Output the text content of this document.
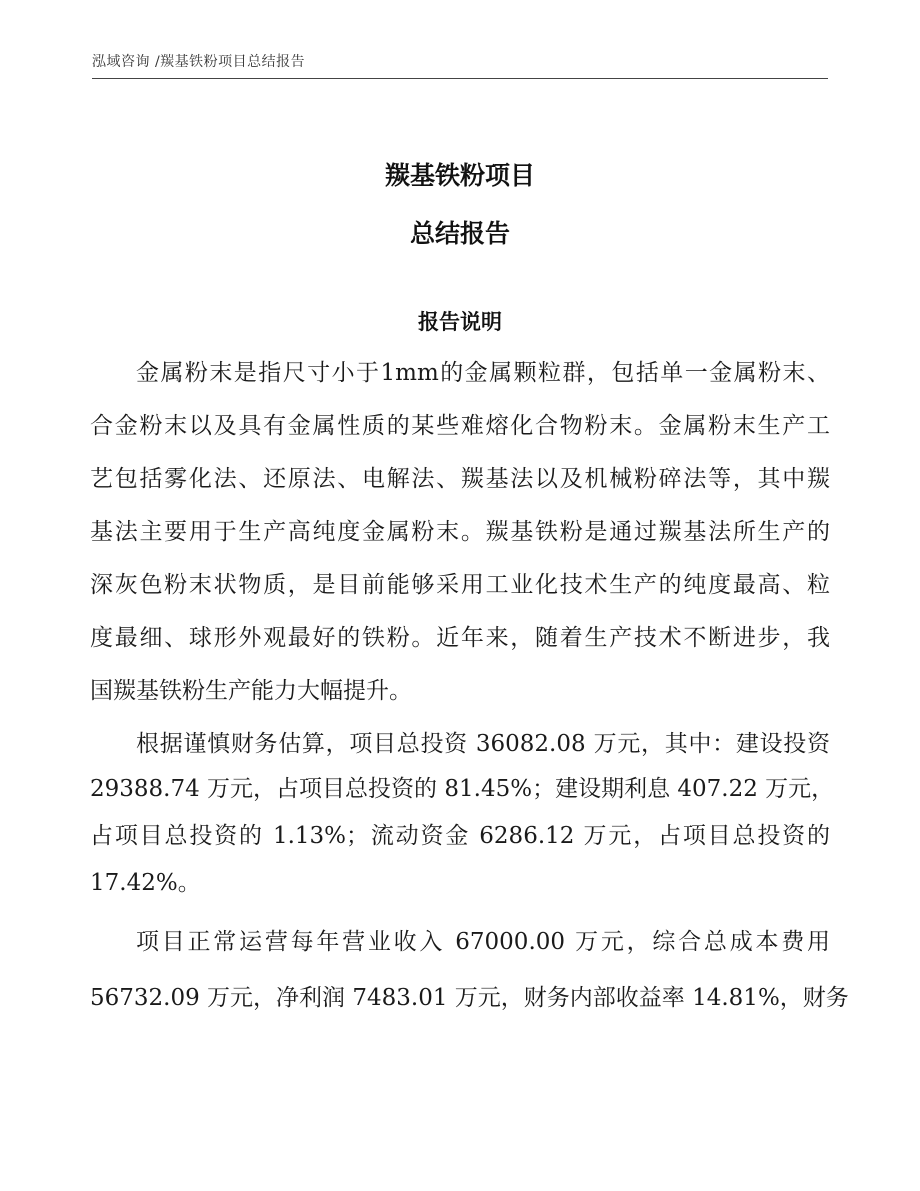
泓域咨询 /羰基铁粉项目总结报告
羰基铁粉项目
总结报告
报告说明
金属粉末是指尺寸小于1mm的金属颗粒群，包括单一金属粉末、
合金粉末以及具有金属性质的某些难熔化合物粉末。金属粉末生产工
艺包括雾化法、还原法、电解法、羰基法以及机械粉碎法等，其中羰
基法主要用于生产高纯度金属粉末。羰基铁粉是通过羰基法所生产的
深灰色粉末状物质，是目前能够采用工业化技术生产的纯度最高、粒
度最细、球形外观最好的铁粉。近年来，随着生产技术不断进步，我
国羰基铁粉生产能力大幅提升。
根据谨慎财务估算，项目总投资 36082.08 万元，其中：建设投资
29388.74 万元，占项目总投资的 81.45%；建设期利息 407.22 万元，
占项目总投资的 1.13%；流动资金 6286.12 万元，占项目总投资的
17.42%。
项目正常运营每年营业收入 67000.00 万元，综合总成本费用
56732.09 万元，净利润 7483.01 万元，财务内部收益率 14.81%，财务
